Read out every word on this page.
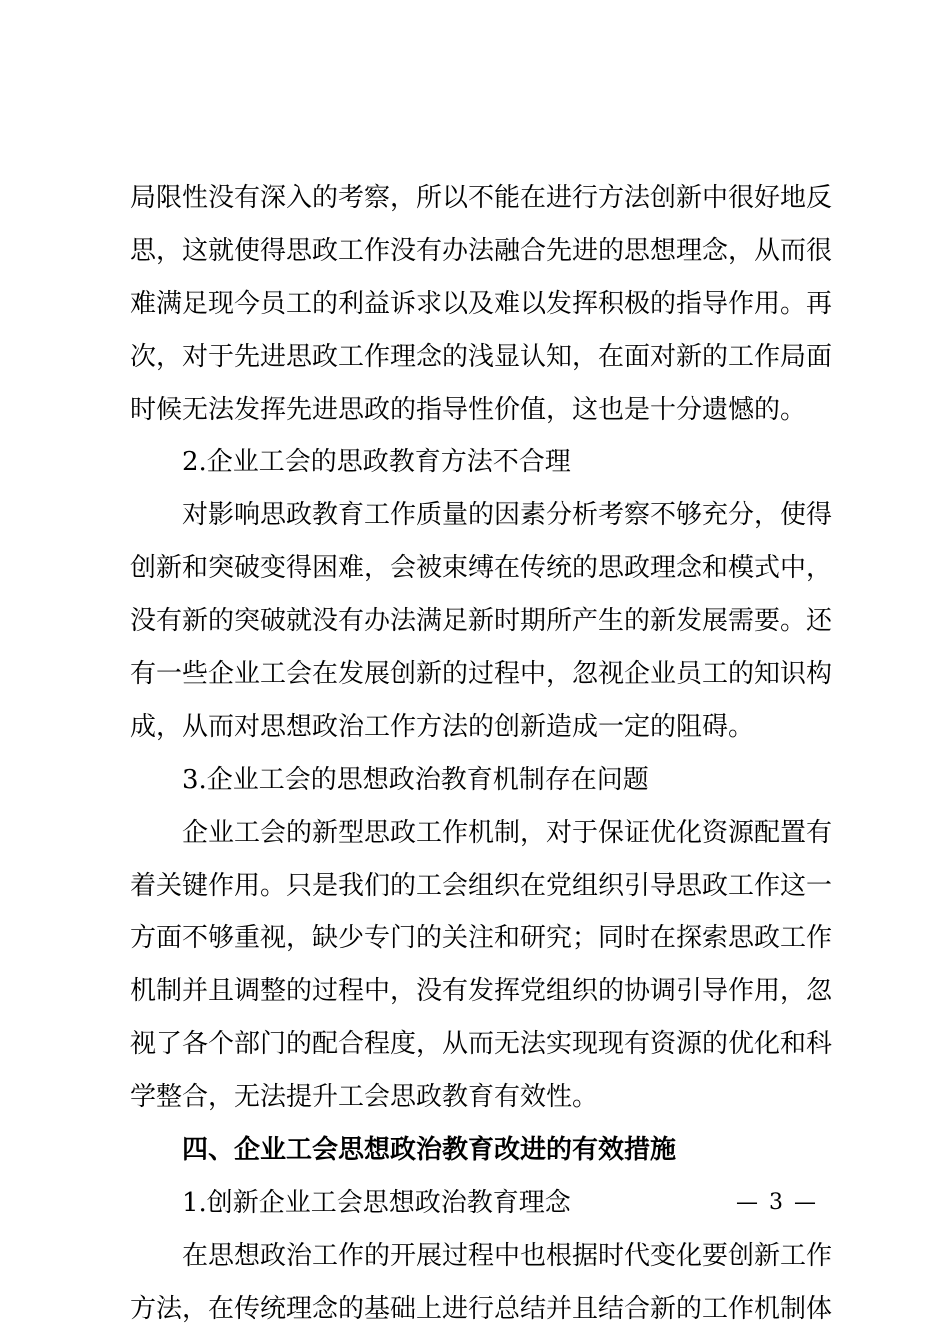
局限性没有深入的考察，所以不能在进行方法创新中很好地反
思，这就使得思政工作没有办法融合先进的思想理念，从而很
难满足现今员工的利益诉求以及难以发挥积极的指导作用。再
次，对于先进思政工作理念的浅显认知，在面对新的工作局面
时候无法发挥先进思政的指导性价值，这也是十分遗憾的。
2.企业工会的思政教育方法不合理
对影响思政教育工作质量的因素分析考察不够充分，使得
创新和突破变得困难，会被束缚在传统的思政理念和模式中，
没有新的突破就没有办法满足新时期所产生的新发展需要。还
有一些企业工会在发展创新的过程中，忽视企业员工的知识构
成，从而对思想政治工作方法的创新造成一定的阻碍。
3.企业工会的思想政治教育机制存在问题
企业工会的新型思政工作机制，对于保证优化资源配置有
着关键作用。只是我们的工会组织在党组织引导思政工作这一
方面不够重视，缺少专门的关注和研究；同时在探索思政工作
机制并且调整的过程中，没有发挥党组织的协调引导作用，忽
视了各个部门的配合程度，从而无法实现现有资源的优化和科
学整合，无法提升工会思政教育有效性。
四、企业工会思想政治教育改进的有效措施
1.创新企业工会思想政治教育理念
在思想政治工作的开展过程中也根据时代变化要创新工作
方法，在传统理念的基础上进行总结并且结合新的工作机制体
— 3 —
